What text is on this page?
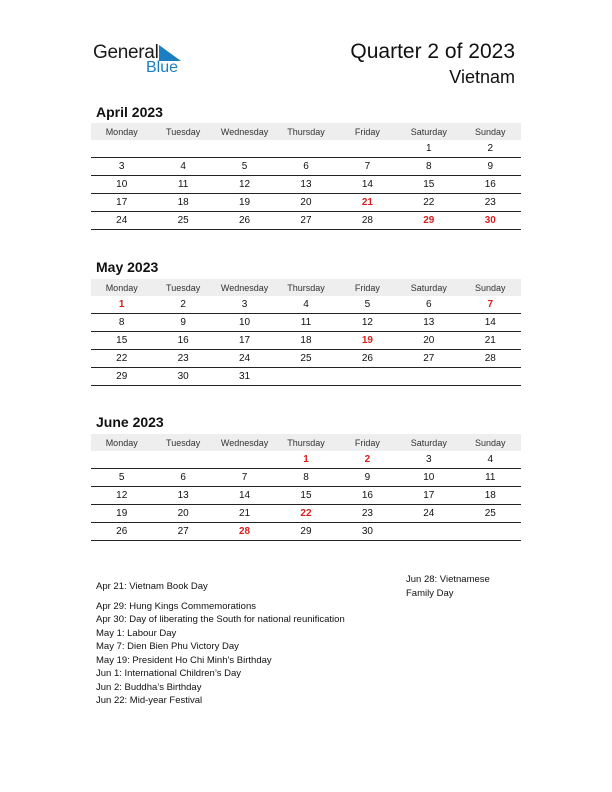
General
Blue
Quarter 2 of 2023
Vietnam
April 2023
Monday	Tuesday	Wednesday	Thursday	Friday	Saturday	Sunday
					1	2
3	4	5	6	7	8	9
10	11	12	13	14	15	16
17	18	19	20	21	22	23
24	25	26	27	28	29	30
May 2023
Monday	Tuesday	Wednesday	Thursday	Friday	Saturday	Sunday
1	2	3	4	5	6	7
8	9	10	11	12	13	14
15	16	17	18	19	20	21
22	23	24	25	26	27	28
29	30	31				
June 2023
Monday	Tuesday	Wednesday	Thursday	Friday	Saturday	Sunday
			1	2	3	4
5	6	7	8	9	10	11
12	13	14	15	16	17	18
19	20	21	22	23	24	25
26	27	28	29	30		
Apr 21: Vietnam Book Day
Apr 29: Hung Kings Commemorations
Apr 30: Day of liberating the South for national reunification
May 1: Labour Day
May 7: Dien Bien Phu Victory Day
May 19: President Ho Chi Minh’s Birthday
Jun 1: International Children’s Day
Jun 2: Buddha’s Birthday
Jun 22: Mid-year Festival
Jun 28: Vietnamese Family Day
